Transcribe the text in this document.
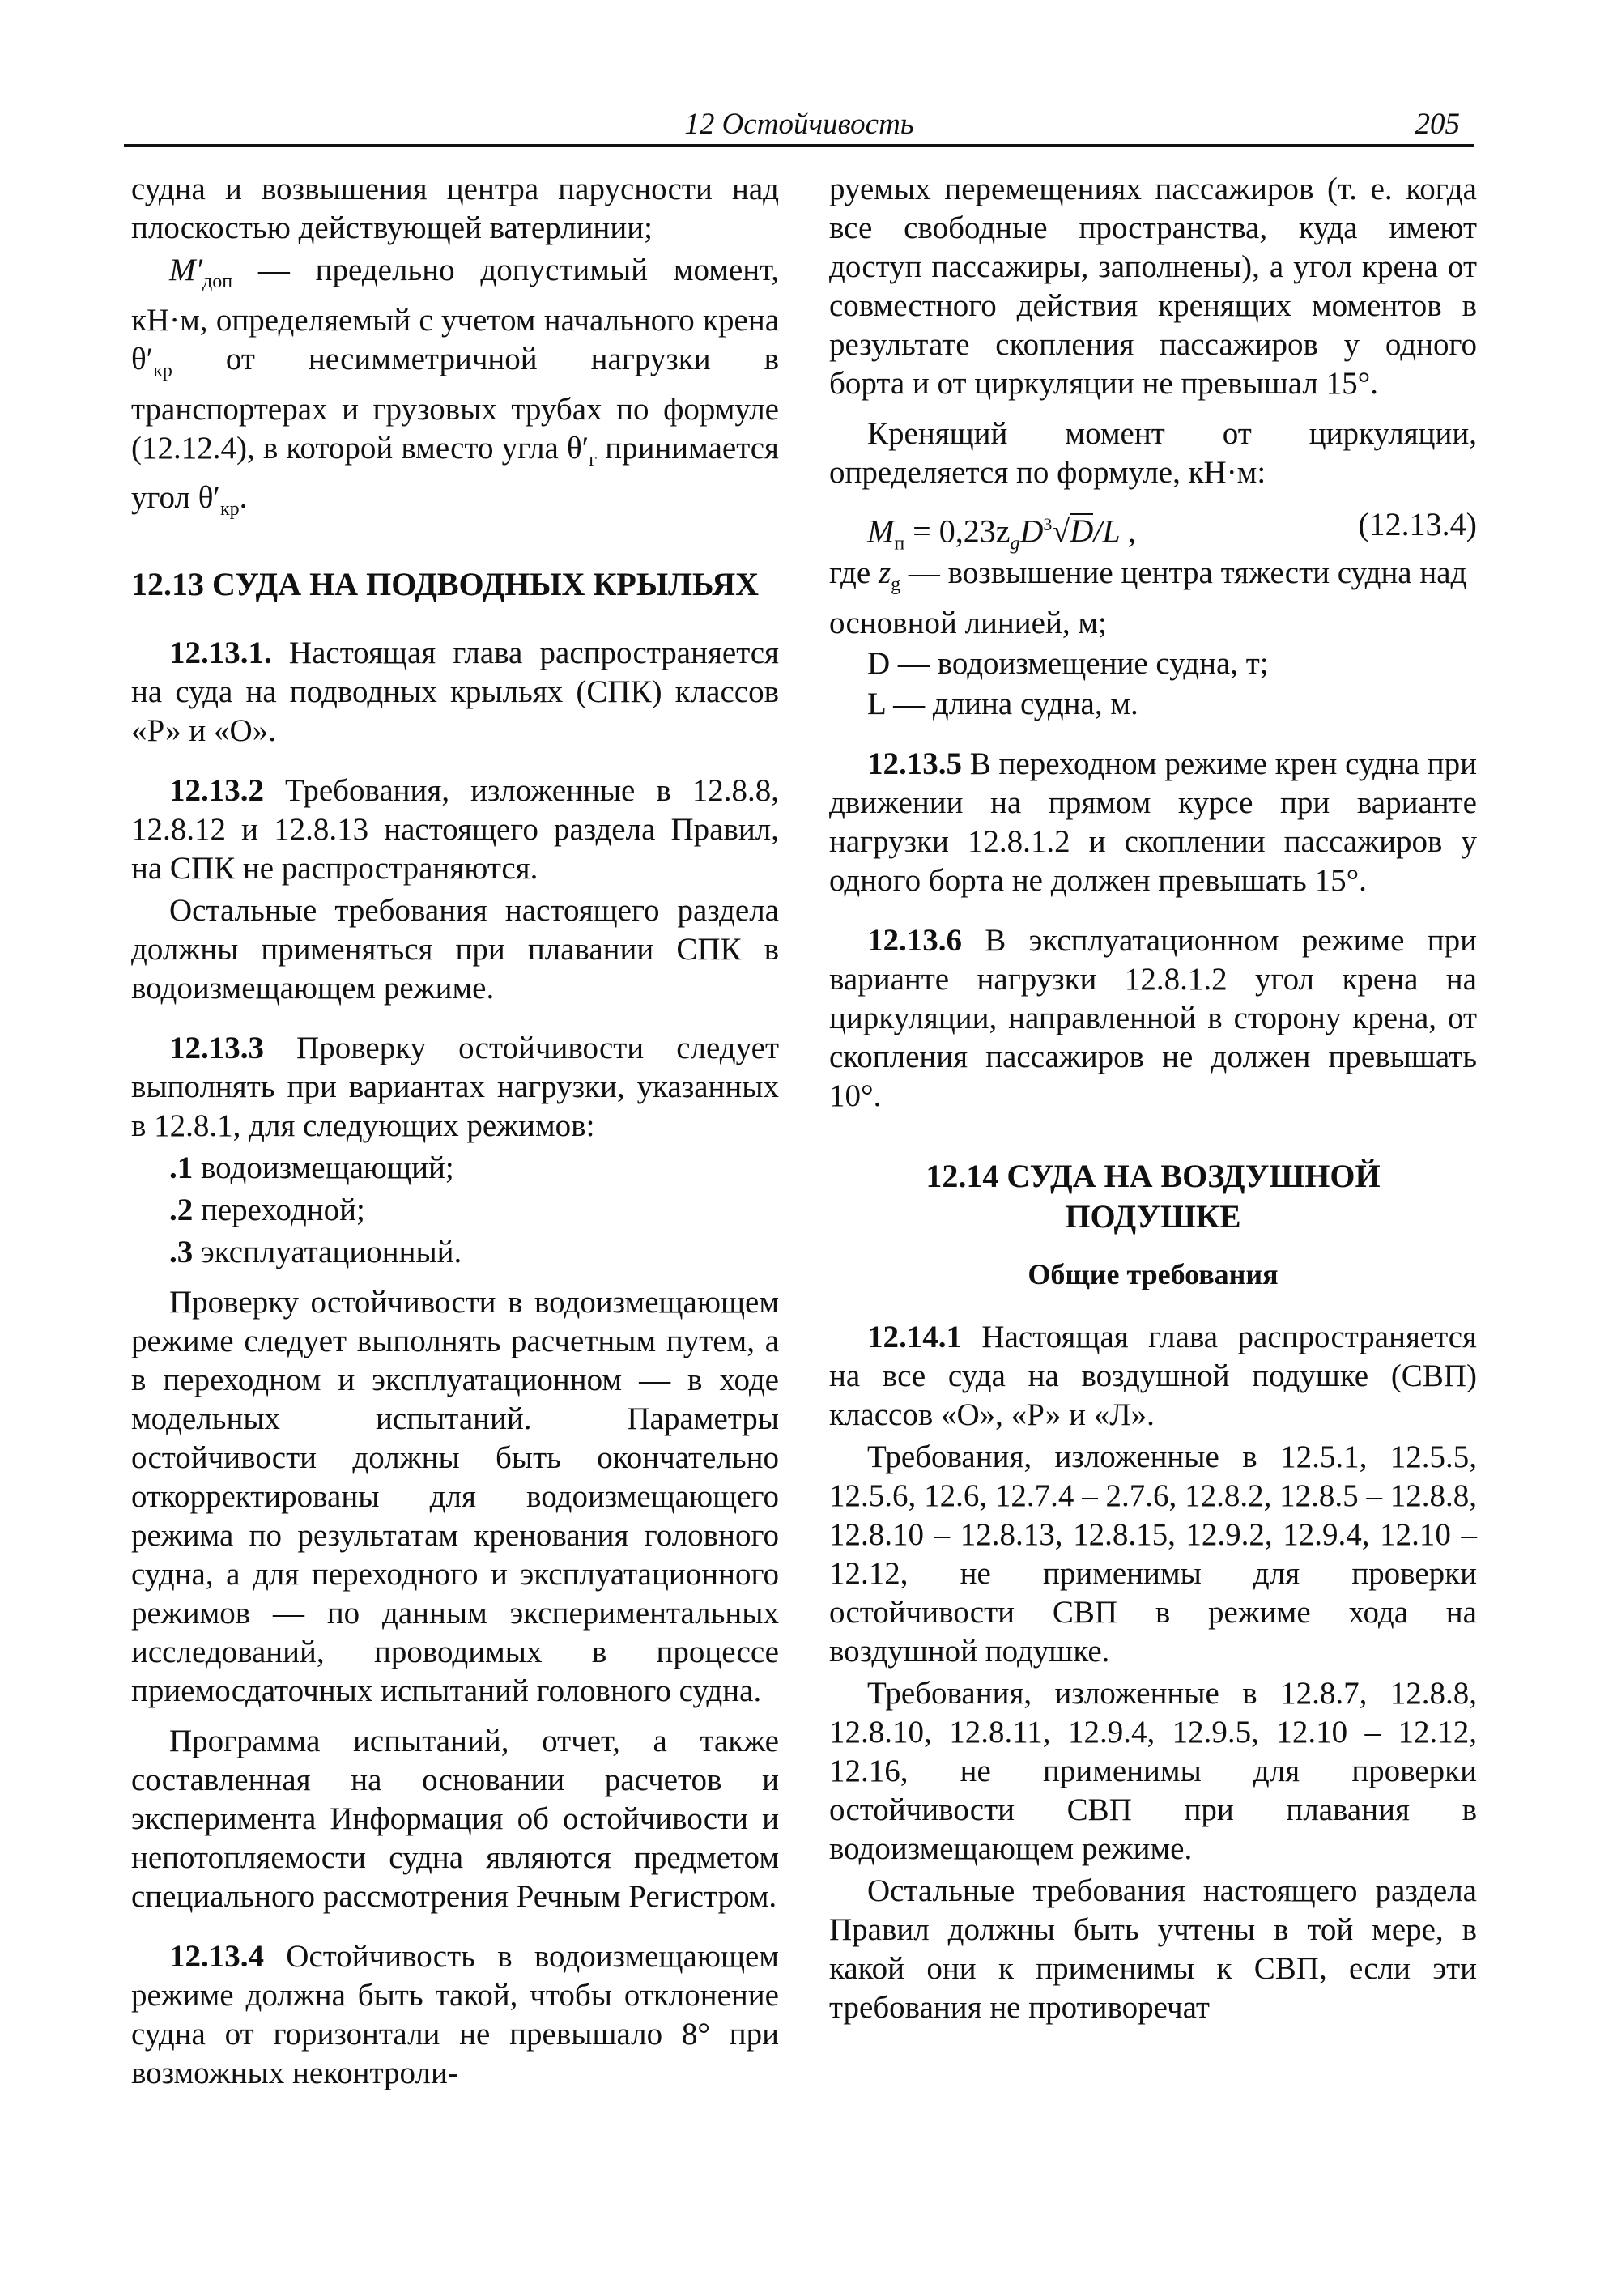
12 Остойчивость	205

судна и возвышения центра парусности над плоскостью действующей ватерлинии;

$M'_{доп}$ — предельно допустимый момент, кН·м, определяемый с учетом начального крена $\theta'_{кр}$ от несимметричной нагрузки в транспортерах и грузовых трубах по формуле (12.12.4), в которой вместо угла $\theta'_г$ принимается угол $\theta'_{кр}$.

12.13 СУДА НА ПОДВОДНЫХ КРЫЛЬЯХ

12.13.1. Настоящая глава распространяется на суда на подводных крыльях (СПК) классов «Р» и «О».

12.13.2 Требования, изложенные в 12.8.8, 12.8.12 и 12.8.13 настоящего раздела Правил, на СПК не распространяются.

Остальные требования настоящего раздела должны применяться при плавании СПК в водоизмещающем режиме.

12.13.3 Проверку остойчивости следует выполнять при вариантах нагрузки, указанных в 12.8.1, для следующих режимов:

.1 водоизмещающий;
.2 переходной;
.3 эксплуатационный.

Проверку остойчивости в водоизмещающем режиме следует выполнять расчетным путем, а в переходном и эксплуатационном — в ходе модельных испытаний. Параметры остойчивости должны быть окончательно откорректированы для водоизмещающего режима по результатам кренования головного судна, а для переходного и эксплуатационного режимов — по данным экспериментальных исследований, проводимых в процессе приемосдаточных испытаний головного судна.

Программа испытаний, отчет, а также составленная на основании расчетов и эксперимента Информация об остойчивости и непотопляемости судна являются предметом специального рассмотрения Речным Регистром.

12.13.4 Остойчивость в водоизмещающем режиме должна быть такой, чтобы отклонение судна от горизонтали не превышало 8° при возможных неконтроли-

руемых перемещениях пассажиров (т. е. когда все свободные пространства, куда имеют доступ пассажиры, заполнены), а угол крена от совместного действия кренящих моментов в результате скопления пассажиров у одного борта и от циркуляции не превышал 15°.

Кренящий момент от циркуляции, определяется по формуле, кН·м:

$M_п = 0,23z_gD^3√D/L$ ,	(12.13.4)

где $z_g$ — возвышение центра тяжести судна над основной линией, м;

D — водоизмещение судна, т;

L — длина судна, м.

12.13.5 В переходном режиме крен судна при движении на прямом курсе при варианте нагрузки 12.8.1.2 и скоплении пассажиров у одного борта не должен превышать 15°.

12.13.6 В эксплуатационном режиме при варианте нагрузки 12.8.1.2 угол крена на циркуляции, направленной в сторону крена, от скопления пассажиров не должен превышать 10°.

12.14 СУДА НА ВОЗДУШНОЙ
ПОДУШКЕ
Общие требования

12.14.1 Настоящая глава распространяется на все суда на воздушной подушке (СВП) классов «О», «Р» и «Л».

Требования, изложенные в 12.5.1, 12.5.5, 12.5.6, 12.6, 12.7.4 – 2.7.6, 12.8.2, 12.8.5 – 12.8.8, 12.8.10 – 12.8.13, 12.8.15, 12.9.2, 12.9.4, 12.10 – 12.12, не применимы для проверки остойчивости СВП в режиме хода на воздушной подушке.

Требования, изложенные в 12.8.7, 12.8.8, 12.8.10, 12.8.11, 12.9.4, 12.9.5, 12.10 – 12.12, 12.16, не применимы для проверки остойчивости СВП при плавания в водоизмещающем режиме.

Остальные требования настоящего раздела Правил должны быть учтены в той мере, в какой они к применимы к СВП, если эти требования не противоречат
